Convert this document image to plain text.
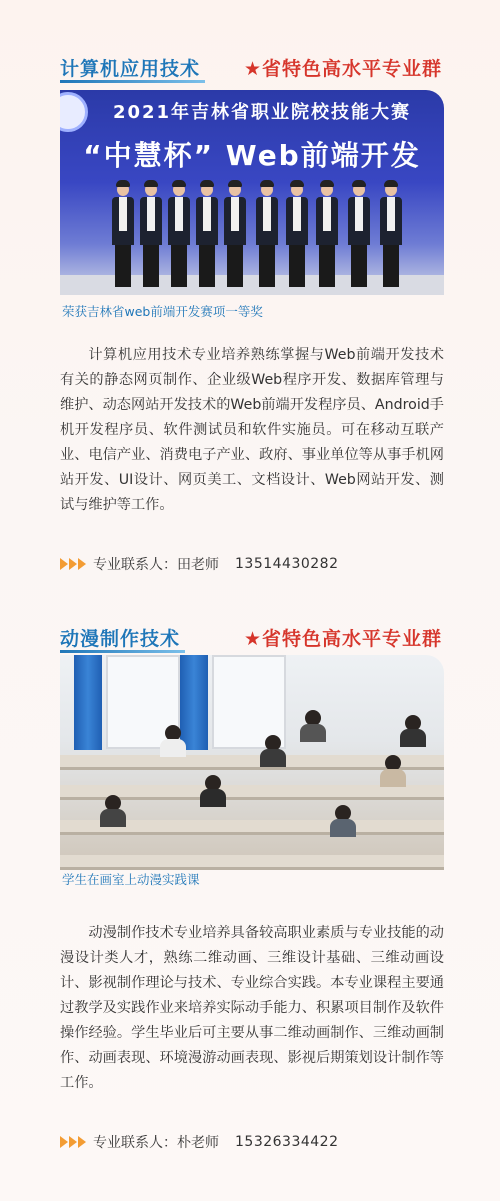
计算机应用技术 ★省特色高水平专业群
2021年吉林省职业院校技能大赛
“中慧杯” Web前端开发
荣获吉林省web前端开发赛项一等奖

计算机应用技术专业培养熟练掌握与Web前端开发技术有关的静态网页制作、企业级Web程序开发、数据库管理与维护、动态网站开发技术的Web前端开发程序员、Android手机开发程序员、软件测试员和软件实施员。可在移动互联产业、电信产业、消费电子产业、政府、事业单位等从事手机网站开发、UI设计、网页美工、文档设计、Web网站开发、测试与维护等工作。

专业联系人：田老师 13514430282
动漫制作技术	★省特色高水平专业群
学生在画室上动漫实践课

动漫制作技术专业培养具备较高职业素质与专业技能的动漫设计类人才，熟练二维动画、三维设计基础、三维动画设计、影视制作理论与技术、专业综合实践。本专业课程主要通过教学及实践作业来培养实际动手能力、积累项目制作及软件操作经验。学生毕业后可主要从事二维动画制作、三维动画制作、动画表现、环境漫游动画表现、影视后期策划设计制作等工作。

专业联系人：朴老师 15326334422
